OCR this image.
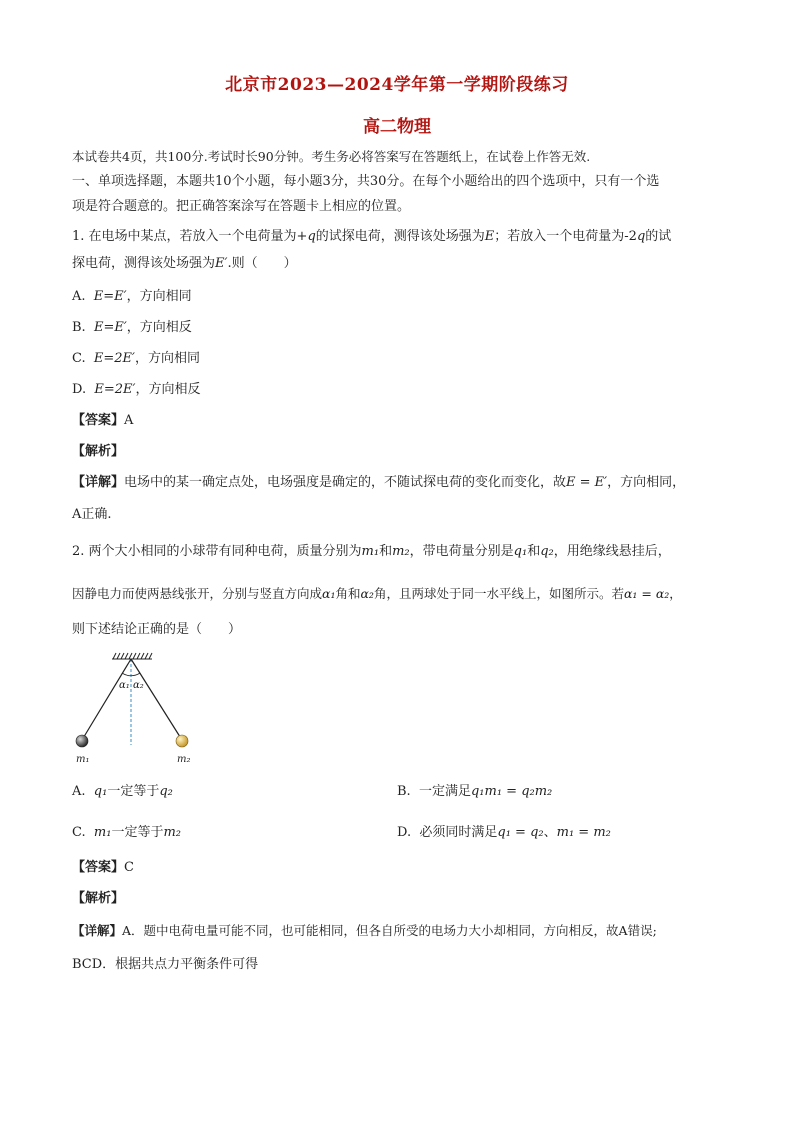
北京市2023—2024学年第一学期阶段练习
高二物理
本试卷共4页，共100分.考试时长90分钟。考生务必将答案写在答题纸上，在试卷上作答无效.
一、单项选择题，本题共10个小题，每小题3分，共30分。在每个小题给出的四个选项中，只有一个选
项是符合题意的。把正确答案涂写在答题卡上相应的位置。
1. 在电场中某点，若放入一个电荷量为+q的试探电荷，测得该处场强为E；若放入一个电荷量为-2q的试
探电荷，测得该处场强为E′.则（　　）
A. E=E′，方向相同
B. E=E′，方向相反
C. E=2E′，方向相同
D. E=2E′，方向相反
【答案】A
【解析】
【详解】电场中的某一确定点处，电场强度是确定的，不随试探电荷的变化而变化，故E = E′，方向相同，
A正确.
2. 两个大小相同的小球带有同种电荷，质量分别为m₁和m₂，带电荷量分别是q₁和q₂，用绝缘线悬挂后，
因静电力而使两悬线张开，分别与竖直方向成α₁角和α₂角，且两球处于同一水平线上，如图所示。若α₁ = α₂，
则下述结论正确的是（　　）
α₁ α₂
m₁	m₂
A. q₁一定等于q₂	B. 一定满足q₁m₁ = q₂m₂
C. m₁一定等于m₂	D. 必须同时满足q₁ = q₂、m₁ = m₂
【答案】C
【解析】
【详解】A．题中电荷电量可能不同，也可能相同，但各自所受的电场力大小却相同，方向相反，故A错误;
BCD．根据共点力平衡条件可得
